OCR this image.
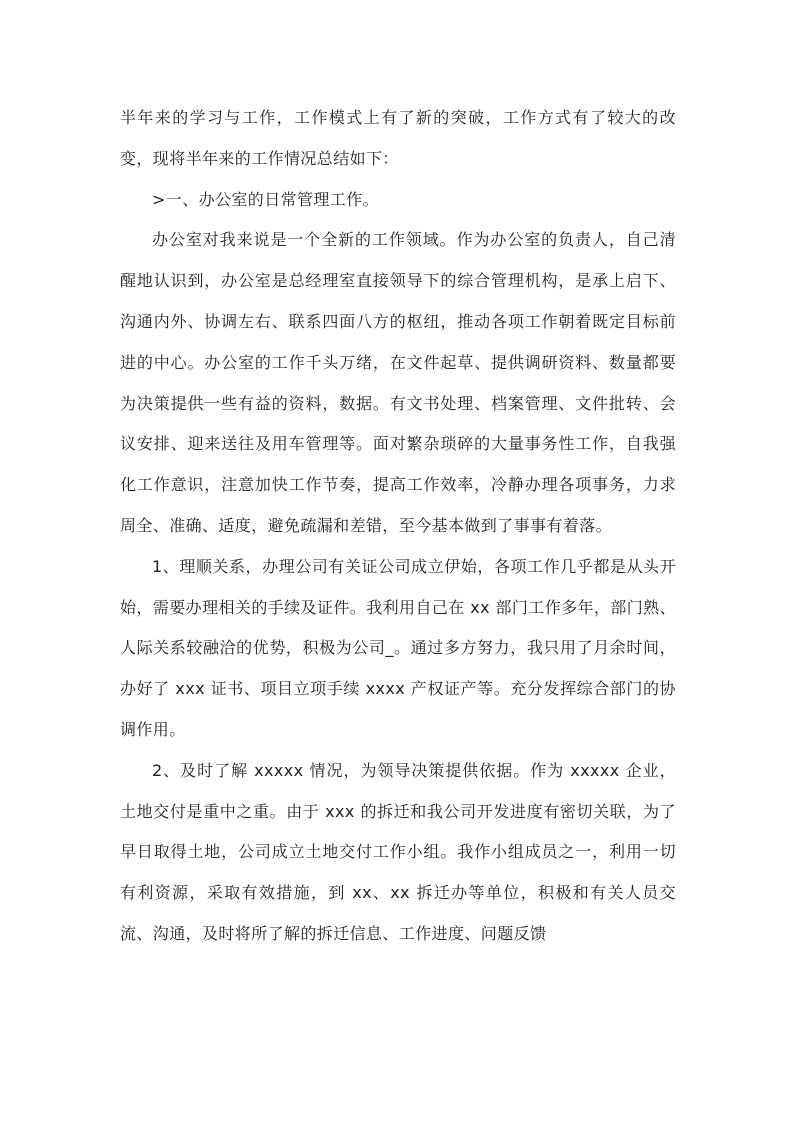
半年来的学习与工作，工作模式上有了新的突破，工作方式有了较大的改变，现将半年来的工作情况总结如下：

>一、办公室的日常管理工作。

办公室对我来说是一个全新的工作领域。作为办公室的负责人，自己清醒地认识到，办公室是总经理室直接领导下的综合管理机构，是承上启下、沟通内外、协调左右、联系四面八方的枢纽，推动各项工作朝着既定目标前进的中心。办公室的工作千头万绪，在文件起草、提供调研资料、数量都要为决策提供一些有益的资料，数据。有文书处理、档案管理、文件批转、会议安排、迎来送往及用车管理等。面对繁杂琐碎的大量事务性工作，自我强化工作意识，注意加快工作节奏，提高工作效率，冷静办理各项事务，力求周全、准确、适度，避免疏漏和差错，至今基本做到了事事有着落。

1、理顺关系，办理公司有关证公司成立伊始，各项工作几乎都是从头开始，需要办理相关的手续及证件。我利用自己在 xx 部门工作多年，部门熟、人际关系较融洽的优势，积极为公司_。通过多方努力，我只用了月余时间，办好了 xxx 证书、项目立项手续 xxxx 产权证产等。充分发挥综合部门的协调作用。

2、及时了解 xxxxx 情况，为领导决策提供依据。作为 xxxxx 企业，土地交付是重中之重。由于 xxx 的拆迁和我公司开发进度有密切关联，为了早日取得土地，公司成立土地交付工作小组。我作小组成员之一，利用一切有利资源，采取有效措施，到 xx、xx 拆迁办等单位，积极和有关人员交流、沟通，及时将所了解的拆迁信息、工作进度、问题反馈
